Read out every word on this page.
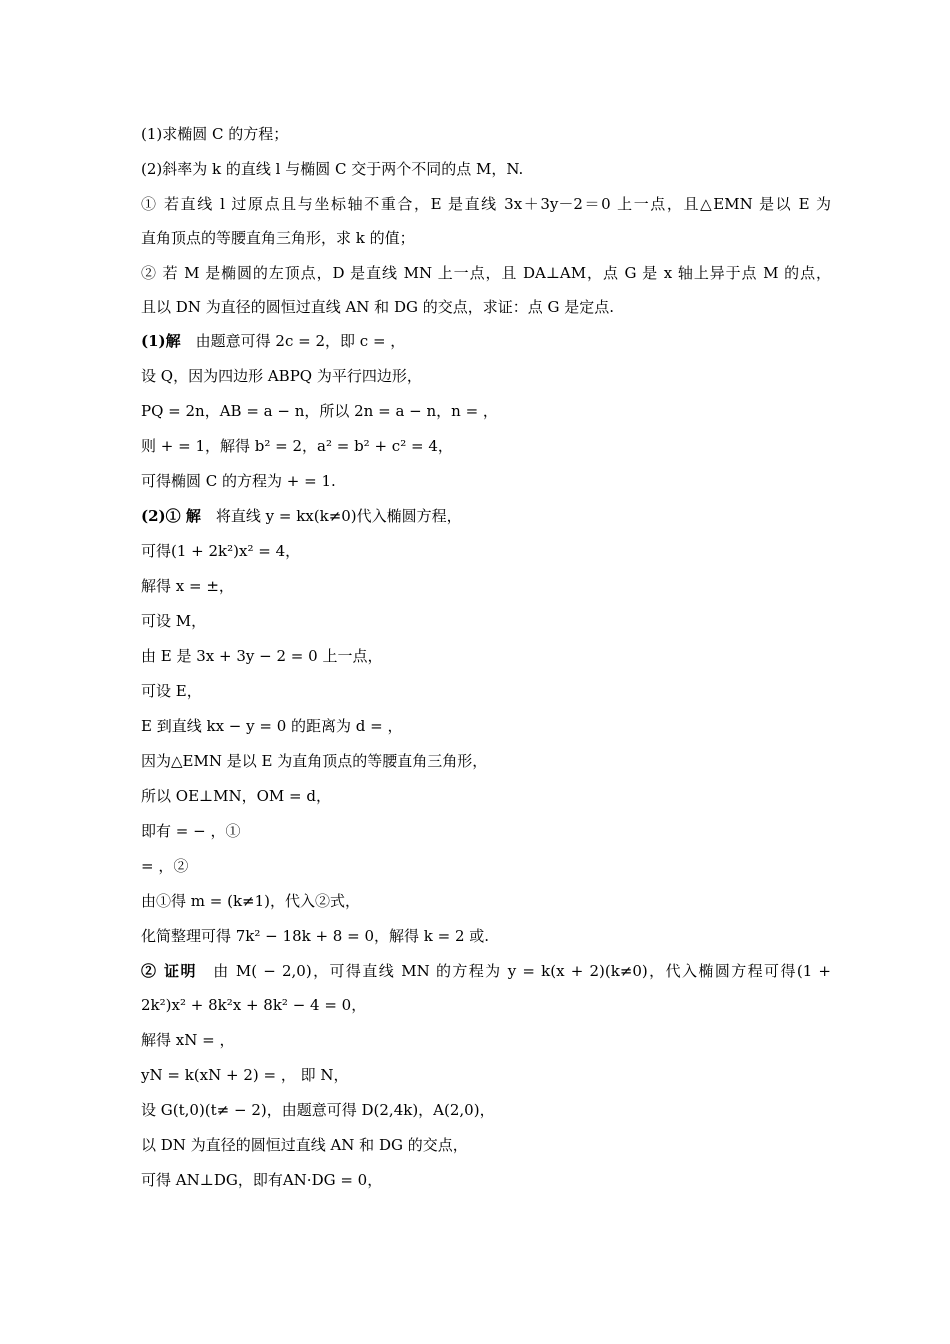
(1)求椭圆 C 的方程；
(2)斜率为 k 的直线 l 与椭圆 C 交于两个不同的点 M，N.
① 若直线 l 过原点且与坐标轴不重合，E 是直线 3x＋3y－2＝0 上一点，且△EMN 是以 E 为
直角顶点的等腰直角三角形，求 k 的值；
② 若 M 是椭圆的左顶点，D 是直线 MN 上一点，且 DA⊥AM，点 G 是 x 轴上异于点 M 的点，
且以 DN 为直径的圆恒过直线 AN 和 DG 的交点，求证：点 G 是定点.
(1)解　由题意可得 2c = 2，即 c = ，
设 Q，因为四边形 ABPQ 为平行四边形，
PQ = 2n，AB = a − n，所以 2n = a − n，n = ，
则 + = 1，解得 b² = 2，a² = b² + c² = 4，
可得椭圆 C 的方程为 + = 1.
(2)① 解　将直线 y = kx(k≠0)代入椭圆方程，
可得(1 + 2k²)x² = 4，
解得 x = ±，
可设 M，
由 E 是 3x + 3y − 2 = 0 上一点，
可设 E，
E 到直线 kx − y = 0 的距离为 d = ，
因为△EMN 是以 E 为直角顶点的等腰直角三角形，
所以 OE⊥MN，OM = d，
即有 = − ，①
= ，②
由①得 m = (k≠1)，代入②式，
化简整理可得 7k² − 18k + 8 = 0，解得 k = 2 或.
② 证明　由 M( − 2,0)，可得直线 MN 的方程为 y = k(x + 2)(k≠0)，代入椭圆方程可得(1 +
2k²)x² + 8k²x + 8k² − 4 = 0，
解得 xN = ，
yN = k(xN + 2) = ， 即 N，
设 G(t,0)(t≠ − 2)，由题意可得 D(2,4k)，A(2,0)，
以 DN 为直径的圆恒过直线 AN 和 DG 的交点，
可得 AN⊥DG，即有AN·DG = 0，
